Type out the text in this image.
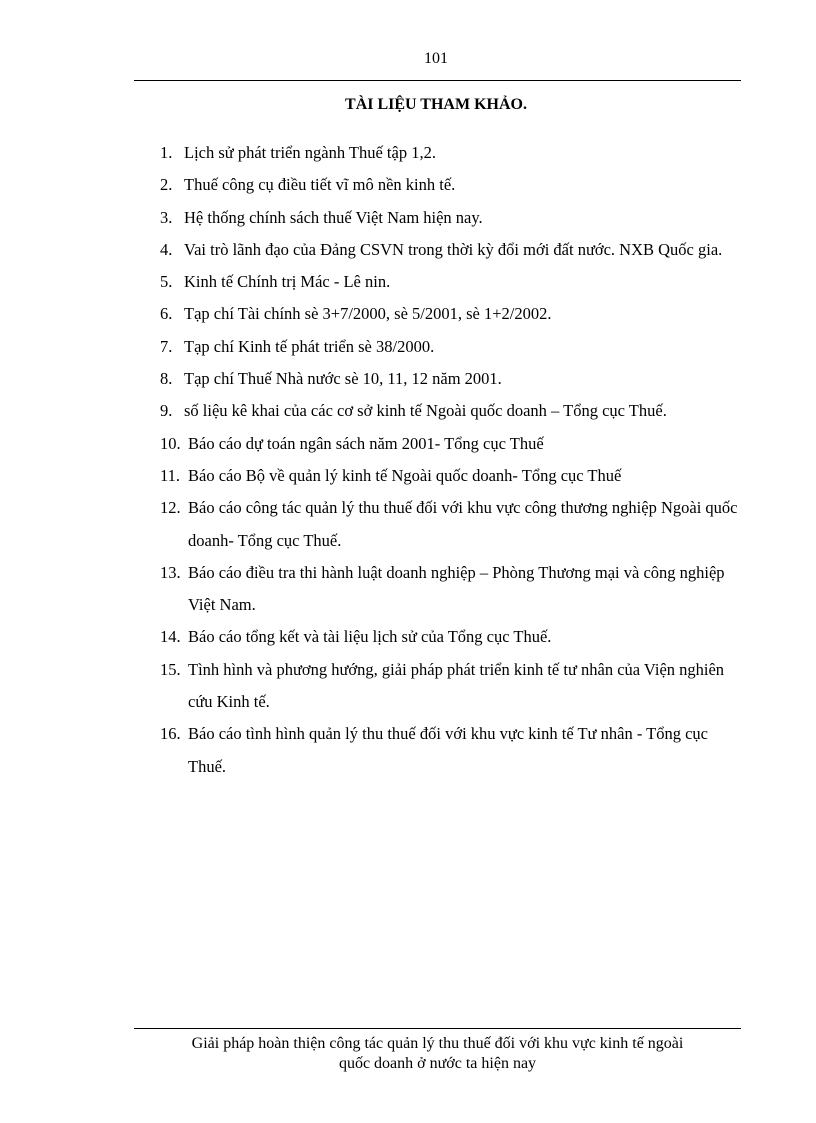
101
TÀI LIỆU THAM KHẢO.
1. Lịch sử phát triển ngành Thuế tập 1,2.
2. Thuế công cụ điều tiết vĩ mô nền kinh tế.
3. Hệ thống chính sách thuế Việt Nam hiện nay.
4. Vai trò lãnh đạo của Đảng CSVN trong thời kỳ đổi mới đất nước. NXB Quốc gia.
5. Kinh tế Chính trị Mác - Lê nin.
6. Tạp chí Tài chính sè 3+7/2000, sè 5/2001, sè 1+2/2002.
7. Tạp chí Kinh tế phát triển sè 38/2000.
8. Tạp chí Thuế Nhà nước sè 10, 11, 12 năm 2001.
9. số liệu kê khai của các cơ sở kinh tế Ngoài quốc doanh – Tổng cục Thuế.
10. Báo cáo dự toán ngân sách năm 2001- Tổng cục Thuế
11. Báo cáo Bộ về quản lý kinh tế Ngoài quốc doanh- Tổng cục Thuế
12. Báo cáo công tác quản lý thu thuế đối với khu vực công thương nghiệp Ngoài quốc doanh- Tổng cục Thuế.
13. Báo cáo điều tra thi hành luật doanh nghiệp – Phòng Thương mại và công nghiệp Việt Nam.
14. Báo cáo tổng kết và tài liệu lịch sử của Tổng cục Thuế.
15. Tình hình và phương hướng, giải pháp phát triển kinh tế tư nhân của Viện nghiên cứu Kinh tế.
16. Báo cáo tình hình quản lý thu thuế đối với khu vực kinh tế Tư nhân - Tổng cục Thuế.
Giải pháp hoàn thiện công tác quản lý thu thuế đối với khu vực kinh tế ngoài
quốc doanh ở nước ta hiện nay
